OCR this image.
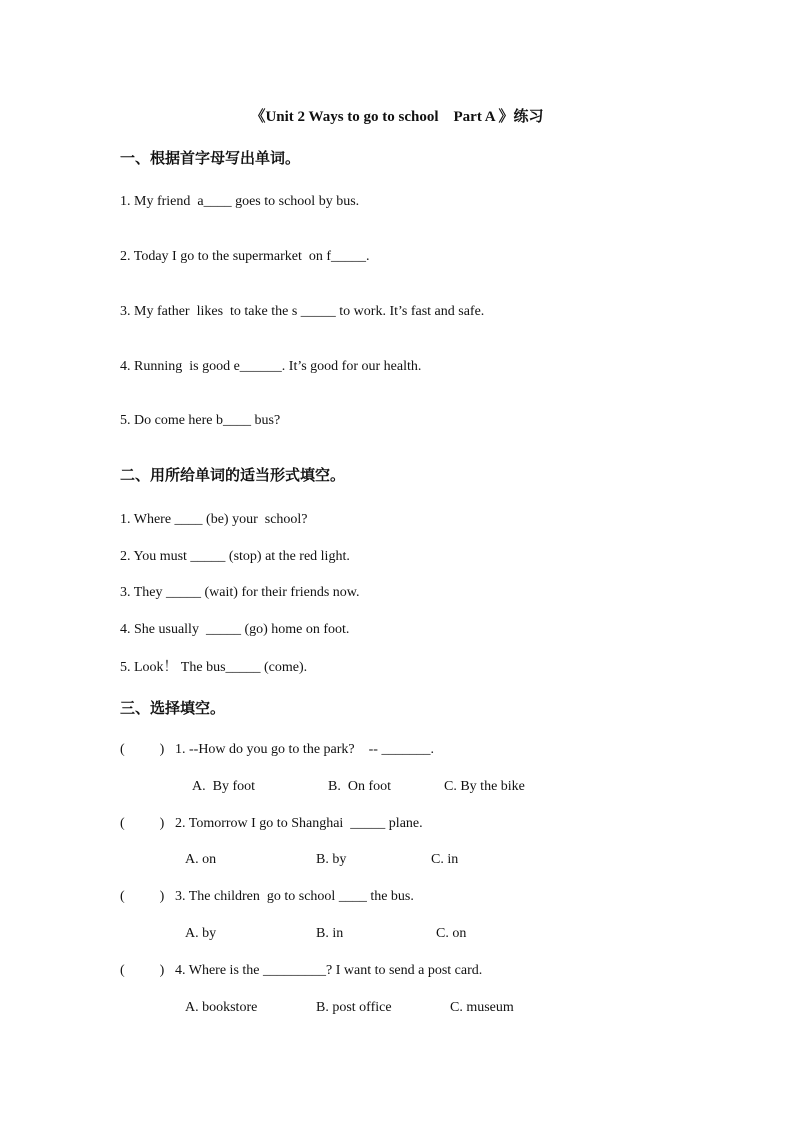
《Unit 2 Ways to go to school    Part A 》练习
一、根据首字母写出单词。
1. My friend  a____ goes to school by bus.
2. Today I go to the supermarket  on f_____.
3. My father  likes  to take the s _____ to work. It’s fast and safe.
4. Running  is good e______. It’s good for our health.
5. Do come here b____ bus?
二、用所给单词的适当形式填空。
1. Where ____ (be) your  school?
2. You must _____ (stop) at the red light.
3. They _____ (wait) for their friends now.
4. She usually  _____ (go) home on foot.
5. Look！ The bus_____ (come).
三、选择填空。
(          ) 1. --How do you go to the park?    -- _______.
A.  By foot	B.  On foot	C. By the bike
(          ) 2. Tomorrow I go to Shanghai  _____ plane.
A. on	B. by	C. in
(          ) 3. The children  go to school ____ the bus.
A. by	B. in	C. on
(          ) 4. Where is the _________? I want to send a post card.
A. bookstore	B. post office	C. museum
